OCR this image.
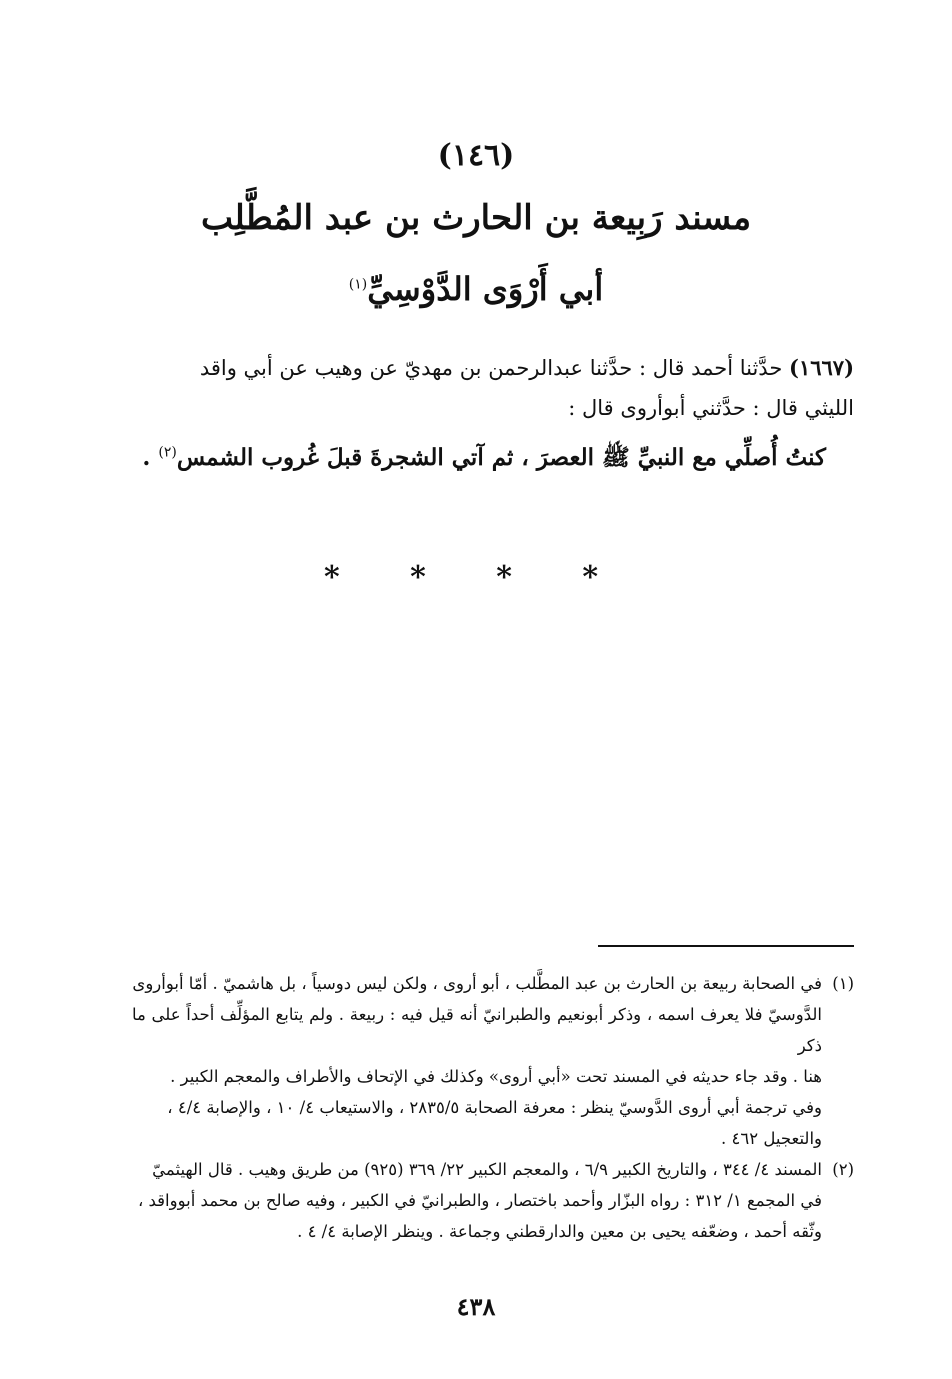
(١٤٦)
مسند رَبِيعة بن الحارث بن عبد المُطَّلِب
أبي أَرْوَى الدَّوْسِيِّ$^{(١)}$
(١٦٦٧) حدَّثنا أحمد قال : حدَّثنا عبدالرحمن بن مهديّ عن وهيب عن أبي واقد
الليثي قال : حدَّثني أبوأروى قال :
كنتُ أُصلِّي مع النبيِّ ﷺ العصرَ ، ثم آتي الشجرةَ قبلَ غُروب الشمس$^{(٢)}$ .
* * * *
(١)

في الصحابة ربيعة بن الحارث بن عبد المطَّلب ، أبو أروى ، ولكن ليس دوسياً ، بل هاشميّ . أمّا أبوأروى

الدَّوسيّ فلا يعرف اسمه ، وذكر أبونعيم والطبرانيّ أنه قيل فيه : ربيعة . ولم يتابع المؤلِّف أحداً على ما ذكر

هنا . وقد جاء حديثه في المسند تحت «أبي أروى» وكذلك في الإتحاف والأطراف والمعجم الكبير .

وفي ترجمة أبي أروى الدَّوسيّ ينظر : معرفة الصحابة ٢٨٣٥/٥ ، والاستيعاب ٤/ ١٠ ، والإصابة ٤/٤ ،

والتعجيل ٤٦٢ .

(٢)

المسند ٤/ ٣٤٤ ، والتاريخ الكبير ٦/٩ ، والمعجم الكبير ٢٢/ ٣٦٩ (٩٢٥) من طريق وهيب . قال الهيثميّ

في المجمع ١/ ٣١٢ : رواه البزّار وأحمد باختصار ، والطبرانيّ في الكبير ، وفيه صالح بن محمد أبوواقد ،

وثّقه أحمد ، وضعّفه يحيى بن معين والدارقطني وجماعة . وينظر الإصابة ٤/ ٤ .

٤٣٨
